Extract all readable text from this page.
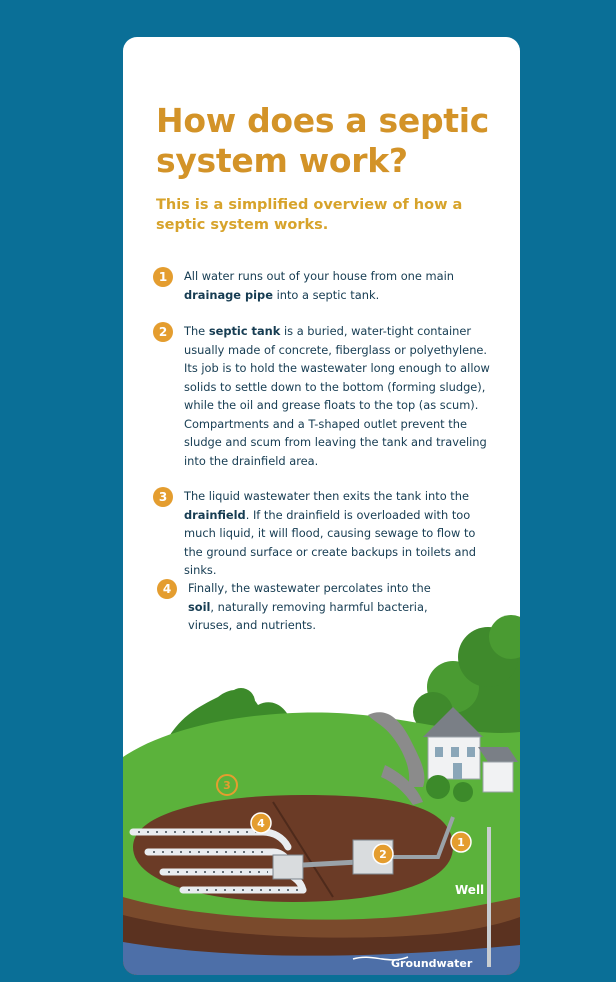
How does a septic system work?

This is a simplified overview of how a septic system works.

1	All water runs out of your house from one main drainage pipe into a septic tank.
2	The septic tank is a buried, water-tight container usually made of concrete, fiberglass or polyethylene. Its job is to hold the wastewater long enough to allow solids to settle down to the bottom (forming sludge), while the oil and grease floats to the top (as scum). Compartments and a T-shaped outlet prevent the sludge and scum from leaving the tank and traveling into the drainfield area.
3	The liquid wastewater then exits the tank into the drainfield. If the drainfield is overloaded with too much liquid, it will flood, causing sewage to flow to the ground surface or create backups in toilets and sinks.
4	Finally, the wastewater percolates into the soil, naturally removing harmful bacteria, viruses, and nutrients.
1
2
3
4
Well
Groundwater
